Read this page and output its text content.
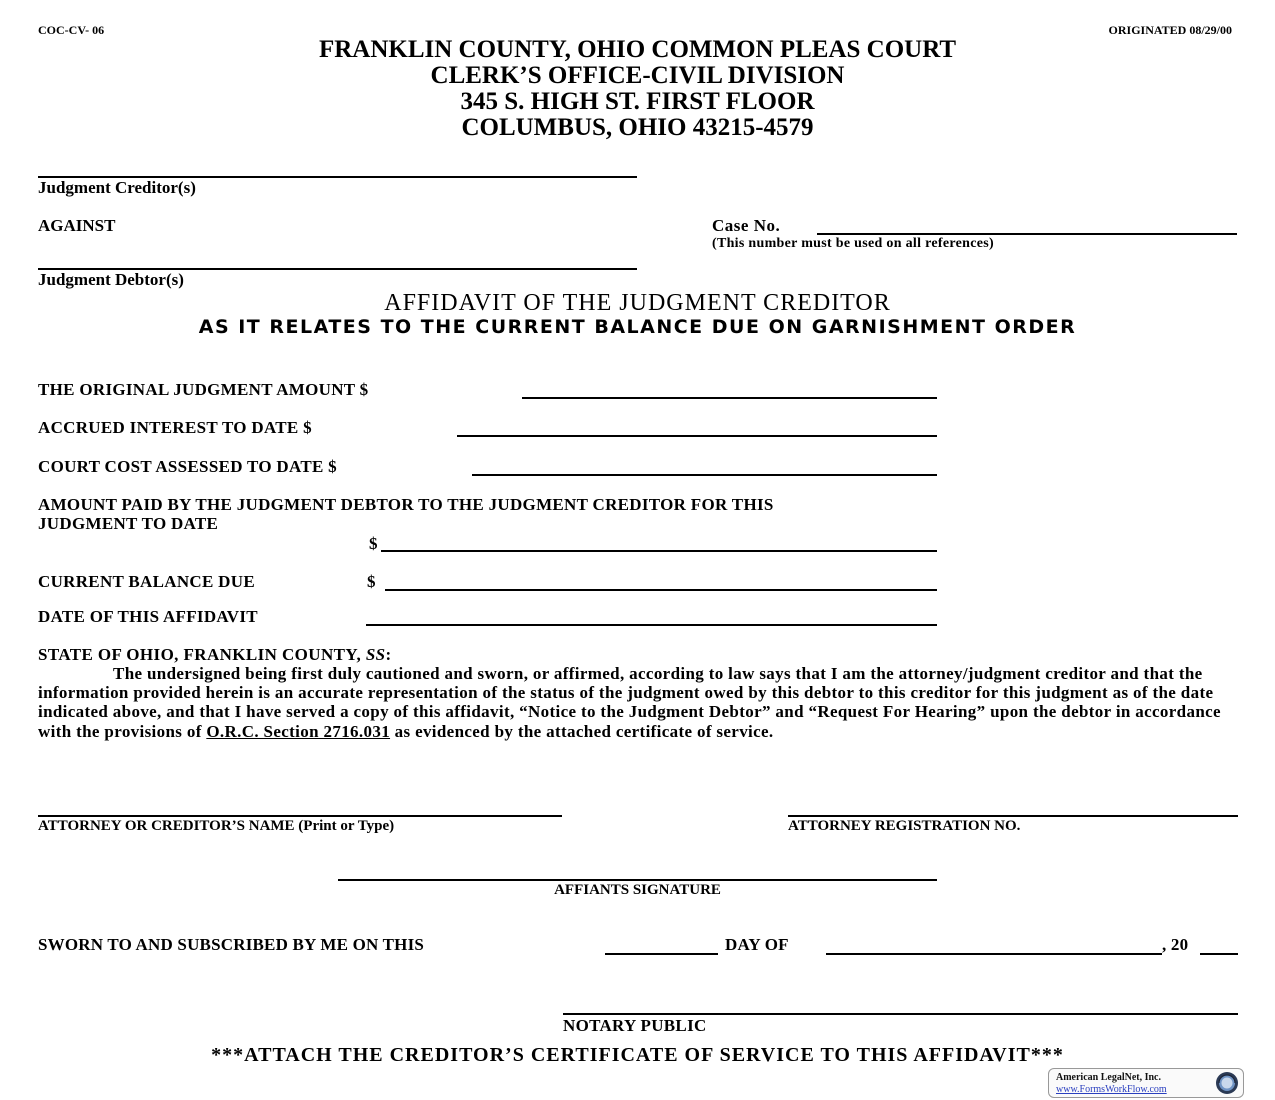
COC-CV- 06	ORIGINATED 08/29/00
FRANKLIN COUNTY, OHIO COMMON PLEAS COURT
CLERK’S OFFICE-CIVIL DIVISION
345 S. HIGH ST. FIRST FLOOR
COLUMBUS, OHIO 43215-4579
Judgment Creditor(s)
AGAINST	Case No.
(This number must be used on all references)
Judgment Debtor(s)
AFFIDAVIT OF THE JUDGMENT CREDITOR
AS IT RELATES TO THE CURRENT BALANCE DUE ON GARNISHMENT ORDER
THE ORIGINAL JUDGMENT AMOUNT $
ACCRUED INTEREST TO DATE $
COURT COST ASSESSED TO DATE $
AMOUNT PAID BY THE JUDGMENT DEBTOR TO THE JUDGMENT CREDITOR FOR THIS
JUDGMENT TO DATE
$
CURRENT BALANCE DUE	$
DATE OF THIS AFFIDAVIT
STATE OF OHIO, FRANKLIN COUNTY, SS:
The undersigned being first duly cautioned and sworn, or affirmed, according to law says that I am the attorney/judgment creditor and that the information provided herein is an accurate representation of the status of the judgment owed by this debtor to this creditor for this judgment as of the date indicated above, and that I have served a copy of this affidavit, “Notice to the Judgment Debtor” and “Request For Hearing” upon the debtor in accordance with the provisions of O.R.C. Section 2716.031 as evidenced by the attached certificate of service.
ATTORNEY OR CREDITOR’S NAME (Print or Type)	ATTORNEY REGISTRATION NO.
AFFIANTS SIGNATURE
SWORN TO AND SUBSCRIBED BY ME ON THIS	DAY OF	, 20
NOTARY PUBLIC
***ATTACH THE CREDITOR’S CERTIFICATE OF SERVICE TO THIS AFFIDAVIT***
American LegalNet, Inc.
www.FormsWorkFlow.com
